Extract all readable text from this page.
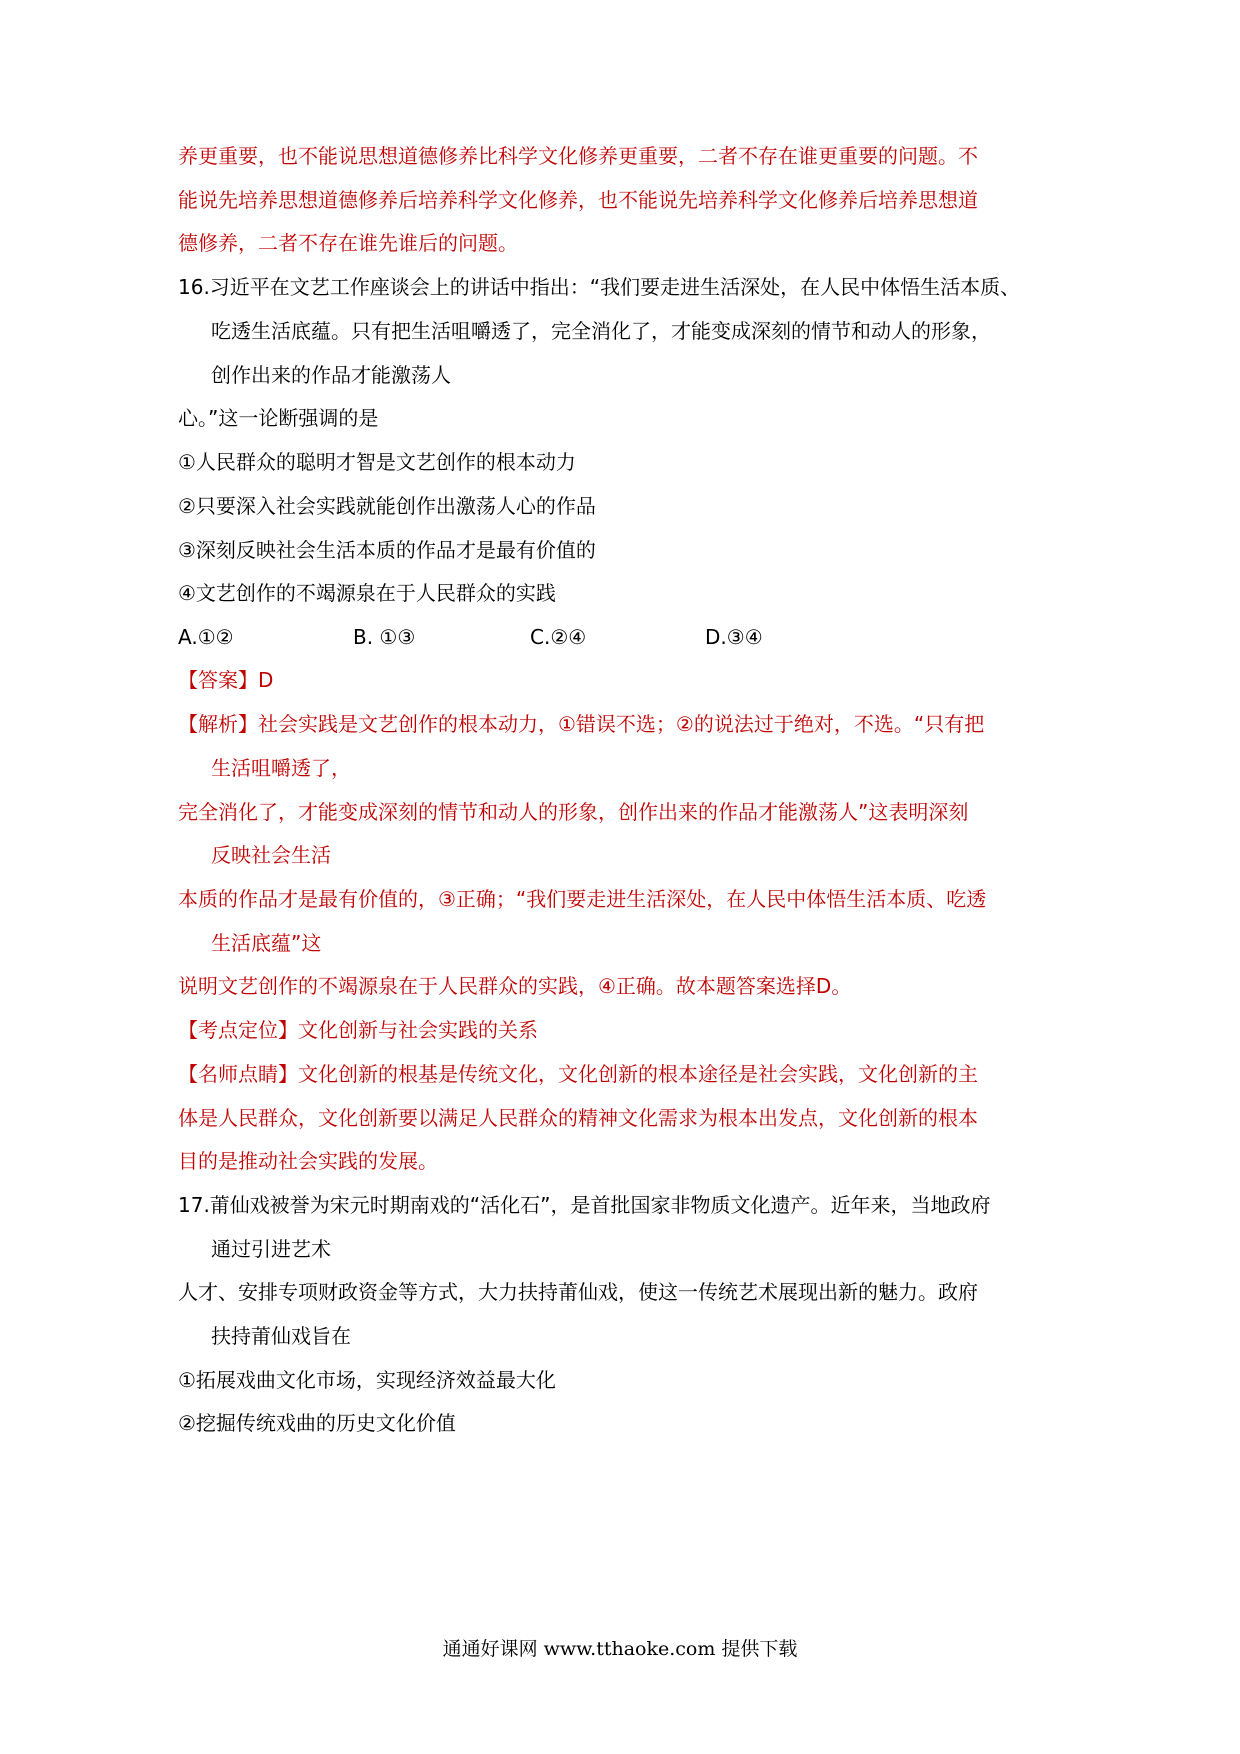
养更重要，也不能说思想道德修养比科学文化修养更重要，二者不存在谁更重要的问题。不
能说先培养思想道德修养后培养科学文化修养，也不能说先培养科学文化修养后培养思想道
德修养，二者不存在谁先谁后的问题。
16.习近平在文艺工作座谈会上的讲话中指出：“我们要走进生活深处，在人民中体悟生活本质、
吃透生活底蕴。只有把生活咀嚼透了，完全消化了，才能变成深刻的情节和动人的形象，
创作出来的作品才能激荡人
心。”这一论断强调的是
①人民群众的聪明才智是文艺创作的根本动力
②只要深入社会实践就能创作出激荡人心的作品
③深刻反映社会生活本质的作品才是最有价值的
④文艺创作的不竭源泉在于人民群众的实践
A.①②	B. ①③	C.②④	D.③④
【答案】D
【解析】社会实践是文艺创作的根本动力，①错误不选；②的说法过于绝对，不选。“只有把
生活咀嚼透了，
完全消化了，才能变成深刻的情节和动人的形象，创作出来的作品才能激荡人”这表明深刻
反映社会生活
本质的作品才是最有价值的，③正确；“我们要走进生活深处，在人民中体悟生活本质、吃透
生活底蕴”这
说明文艺创作的不竭源泉在于人民群众的实践，④正确。故本题答案选择D。
【考点定位】文化创新与社会实践的关系
【名师点睛】文化创新的根基是传统文化，文化创新的根本途径是社会实践，文化创新的主
体是人民群众，文化创新要以满足人民群众的精神文化需求为根本出发点，文化创新的根本
目的是推动社会实践的发展。
17.莆仙戏被誉为宋元时期南戏的“活化石”，是首批国家非物质文化遗产。近年来，当地政府
通过引进艺术
人才、安排专项财政资金等方式，大力扶持莆仙戏，使这一传统艺术展现出新的魅力。政府
扶持莆仙戏旨在
①拓展戏曲文化市场，实现经济效益最大化
②挖掘传统戏曲的历史文化价值
通通好课网 www.tthaoke.com 提供下载
